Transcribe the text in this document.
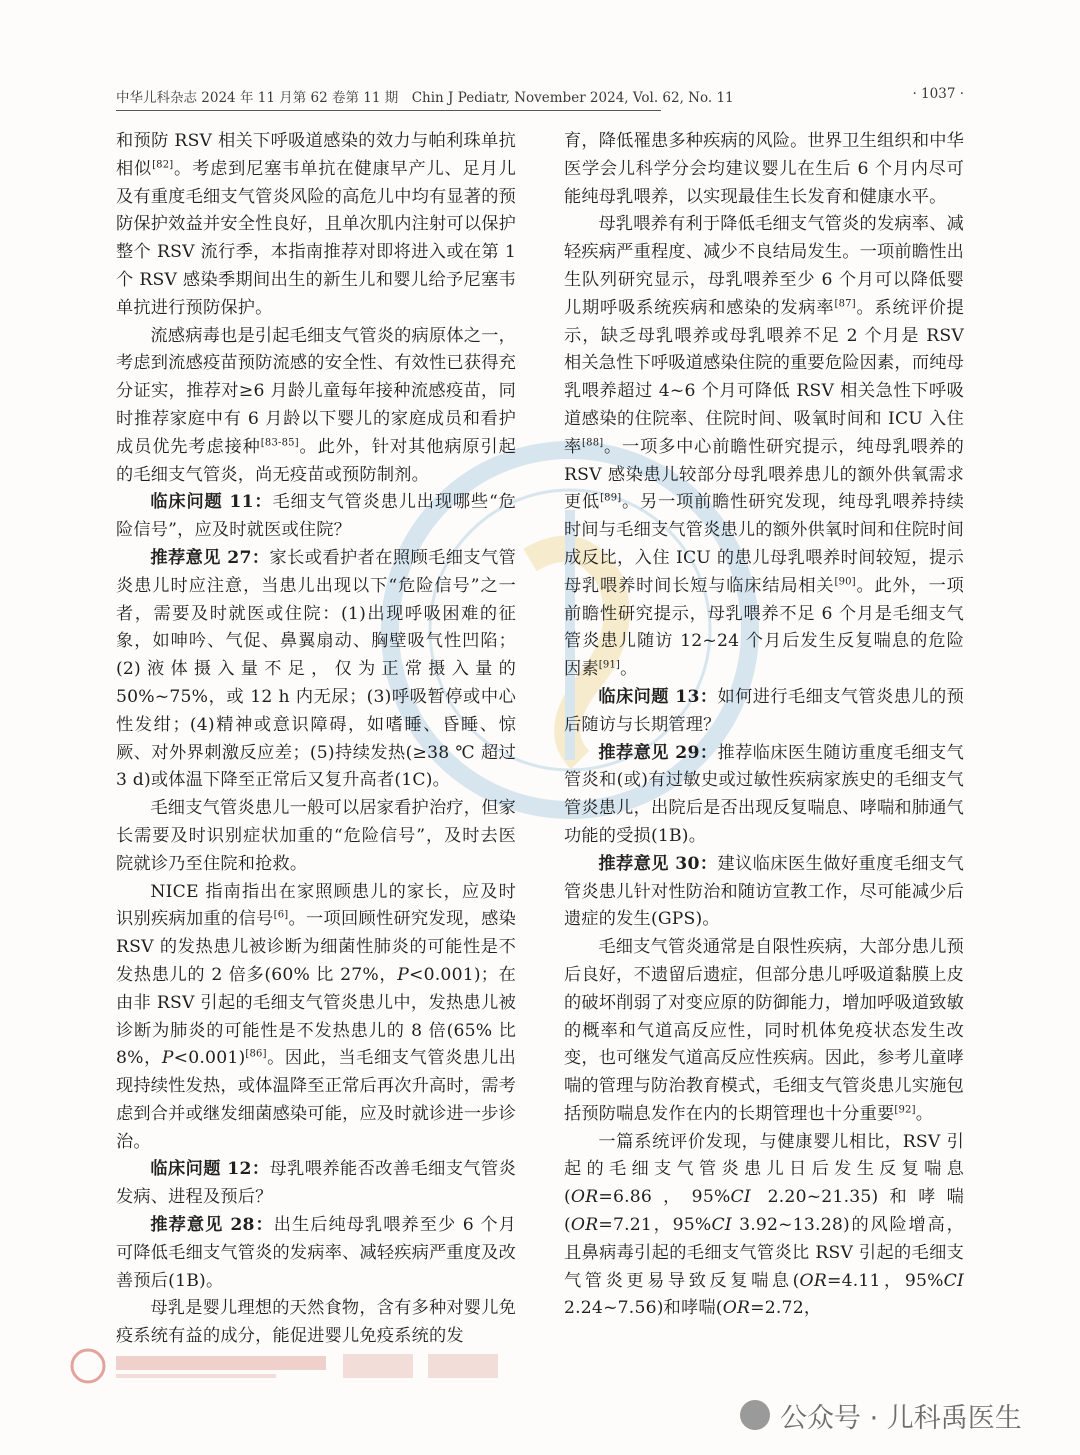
中华儿科杂志 2024 年 11 月第 62 卷第 11 期　Chin J Pediatr, November 2024, Vol. 62, No. 11	· 1037 ·

和预防 RSV 相关下呼吸道感染的效力与帕利珠单抗相似[82]。考虑到尼塞韦单抗在健康早产儿、足月儿及有重度毛细支气管炎风险的高危儿中均有显著的预防保护效益并安全性良好，且单次肌内注射可以保护整个 RSV 流行季，本指南推荐对即将进入或在第 1 个 RSV 感染季期间出生的新生儿和婴儿给予尼塞韦单抗进行预防保护。

流感病毒也是引起毛细支气管炎的病原体之一，考虑到流感疫苗预防流感的安全性、有效性已获得充分证实，推荐对≥6 月龄儿童每年接种流感疫苗，同时推荐家庭中有 6 月龄以下婴儿的家庭成员和看护成员优先考虑接种[83-85]。此外，针对其他病原引起的毛细支气管炎，尚无疫苗或预防制剂。

临床问题 11：毛细支气管炎患儿出现哪些“危险信号”，应及时就医或住院？

推荐意见 27：家长或看护者在照顾毛细支气管炎患儿时应注意，当患儿出现以下“危险信号”之一者，需要及时就医或住院：(1)出现呼吸困难的征象，如呻吟、气促、鼻翼扇动、胸壁吸气性凹陷；(2)液体摄入量不足，仅为正常摄入量的 50%~75%，或 12 h 内无尿；(3)呼吸暂停或中心性发绀；(4)精神或意识障碍，如嗜睡、昏睡、惊厥、对外界刺激反应差；(5)持续发热(≥38 ℃ 超过 3 d)或体温下降至正常后又复升高者(1C)。

毛细支气管炎患儿一般可以居家看护治疗，但家长需要及时识别症状加重的“危险信号”，及时去医院就诊乃至住院和抢救。

NICE 指南指出在家照顾患儿的家长，应及时识别疾病加重的信号[6]。一项回顾性研究发现，感染 RSV 的发热患儿被诊断为细菌性肺炎的可能性是不发热患儿的 2 倍多(60% 比 27%，P<0.001)；在由非 RSV 引起的毛细支气管炎患儿中，发热患儿被诊断为肺炎的可能性是不发热患儿的 8 倍(65% 比 8%，P<0.001)[86]。因此，当毛细支气管炎患儿出现持续性发热，或体温降至正常后再次升高时，需考虑到合并或继发细菌感染可能，应及时就诊进一步诊治。

临床问题 12：母乳喂养能否改善毛细支气管炎发病、进程及预后？

推荐意见 28：出生后纯母乳喂养至少 6 个月可降低毛细支气管炎的发病率、减轻疾病严重度及改善预后(1B)。

母乳是婴儿理想的天然食物，含有多种对婴儿免疫系统有益的成分，能促进婴儿免疫系统的发

育，降低罹患多种疾病的风险。世界卫生组织和中华医学会儿科学分会均建议婴儿在生后 6 个月内尽可能纯母乳喂养，以实现最佳生长发育和健康水平。

母乳喂养有利于降低毛细支气管炎的发病率、减轻疾病严重程度、减少不良结局发生。一项前瞻性出生队列研究显示，母乳喂养至少 6 个月可以降低婴儿期呼吸系统疾病和感染的发病率[87]。系统评价提示，缺乏母乳喂养或母乳喂养不足 2 个月是 RSV 相关急性下呼吸道感染住院的重要危险因素，而纯母乳喂养超过 4~6 个月可降低 RSV 相关急性下呼吸道感染的住院率、住院时间、吸氧时间和 ICU 入住率[88]。一项多中心前瞻性研究提示，纯母乳喂养的 RSV 感染患儿较部分母乳喂养患儿的额外供氧需求更低[89]。另一项前瞻性研究发现，纯母乳喂养持续时间与毛细支气管炎患儿的额外供氧时间和住院时间成反比，入住 ICU 的患儿母乳喂养时间较短，提示母乳喂养时间长短与临床结局相关[90]。此外，一项前瞻性研究提示，母乳喂养不足 6 个月是毛细支气管炎患儿随访 12~24 个月后发生反复喘息的危险因素[91]。

临床问题 13：如何进行毛细支气管炎患儿的预后随访与长期管理？

推荐意见 29：推荐临床医生随访重度毛细支气管炎和(或)有过敏史或过敏性疾病家族史的毛细支气管炎患儿，出院后是否出现反复喘息、哮喘和肺通气功能的受损(1B)。

推荐意见 30：建议临床医生做好重度毛细支气管炎患儿针对性防治和随访宣教工作，尽可能减少后遗症的发生(GPS)。

毛细支气管炎通常是自限性疾病，大部分患儿预后良好，不遗留后遗症，但部分患儿呼吸道黏膜上皮的破坏削弱了对变应原的防御能力，增加呼吸道致敏的概率和气道高反应性，同时机体免疫状态发生改变，也可继发气道高反应性疾病。因此，参考儿童哮喘的管理与防治教育模式，毛细支气管炎患儿实施包括预防喘息发作在内的长期管理也十分重要[92]。

一篇系统评价发现，与健康婴儿相比，RSV 引起的毛细支气管炎患儿日后发生反复喘息(OR=6.86，95%CI 2.20~21.35)和哮喘(OR=7.21，95%CI 3.92~13.28)的风险增高，且鼻病毒引起的毛细支气管炎比 RSV 引起的毛细支气管炎更易导致反复喘息(OR=4.11，95%CI 2.24~7.56)和哮喘(OR=2.72，

公众号 · 儿科禹医生
